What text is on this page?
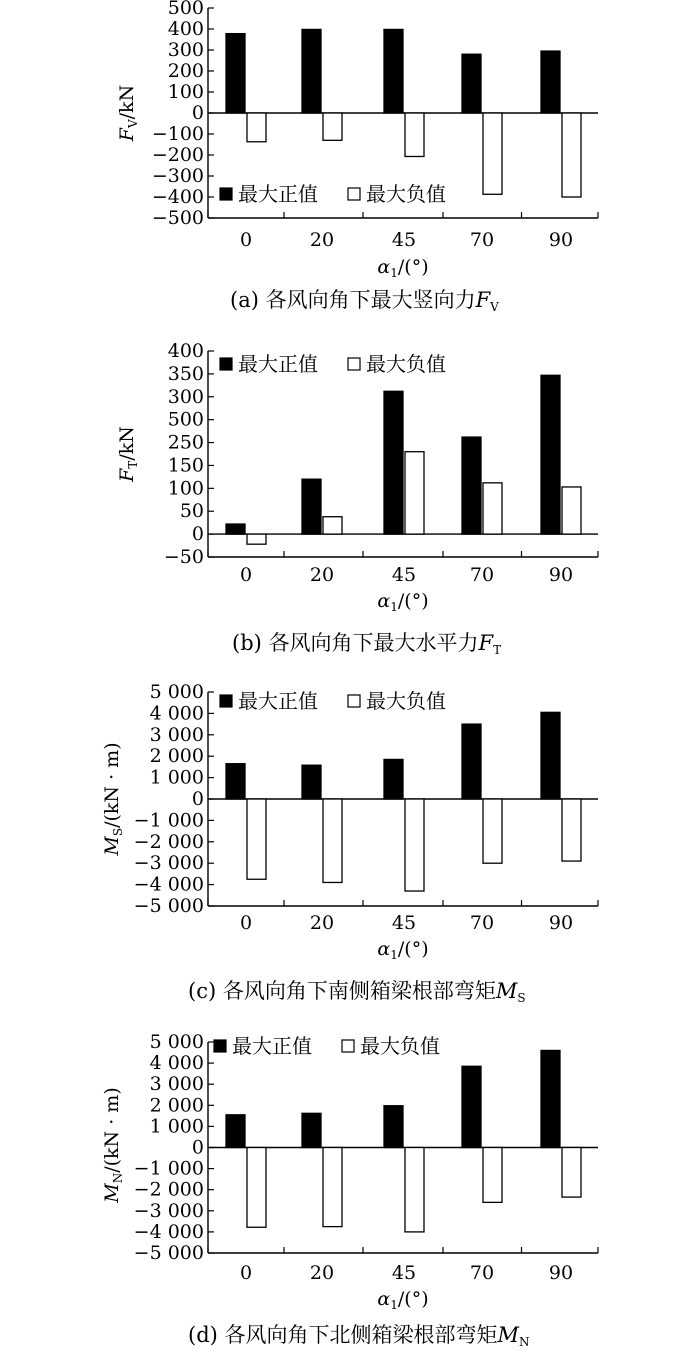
500
400
300
200
100
0
−100
−200
−300
−400
−500
0	20	45	70	90
$\alpha_1/(^\circ)$
$F_V/kN$
最大正值 最大负值
(a) 各风向角下最大竖向力FV
400
350
300
500
250
150
100
50
0
−50
0	20	45	70	90
$\alpha_1/(^\circ)$
$F_T/kN$
最大正值 最大负值
(b) 各风向角下最大水平力FT
5 000
4 000
3 000
2 000
1 000
0
−1 000
−2 000
−3 000
−4 000
−5 000
0	20	45	70	90
$\alpha_1/(^\circ)$
$M_S/(kN \cdot m)$
最大正值 最大负值
(c) 各风向角下南侧箱梁根部弯矩MS
5 000
4 000
3 000
2 000
1 000
0
−1 000
−2 000
−3 000
−4 000
−5 000
0	20	45	70	90
$\alpha_1/(^\circ)$
$M_N/(kN \cdot m)$
最大正值 最大负值
(d) 各风向角下北侧箱梁根部弯矩MN
